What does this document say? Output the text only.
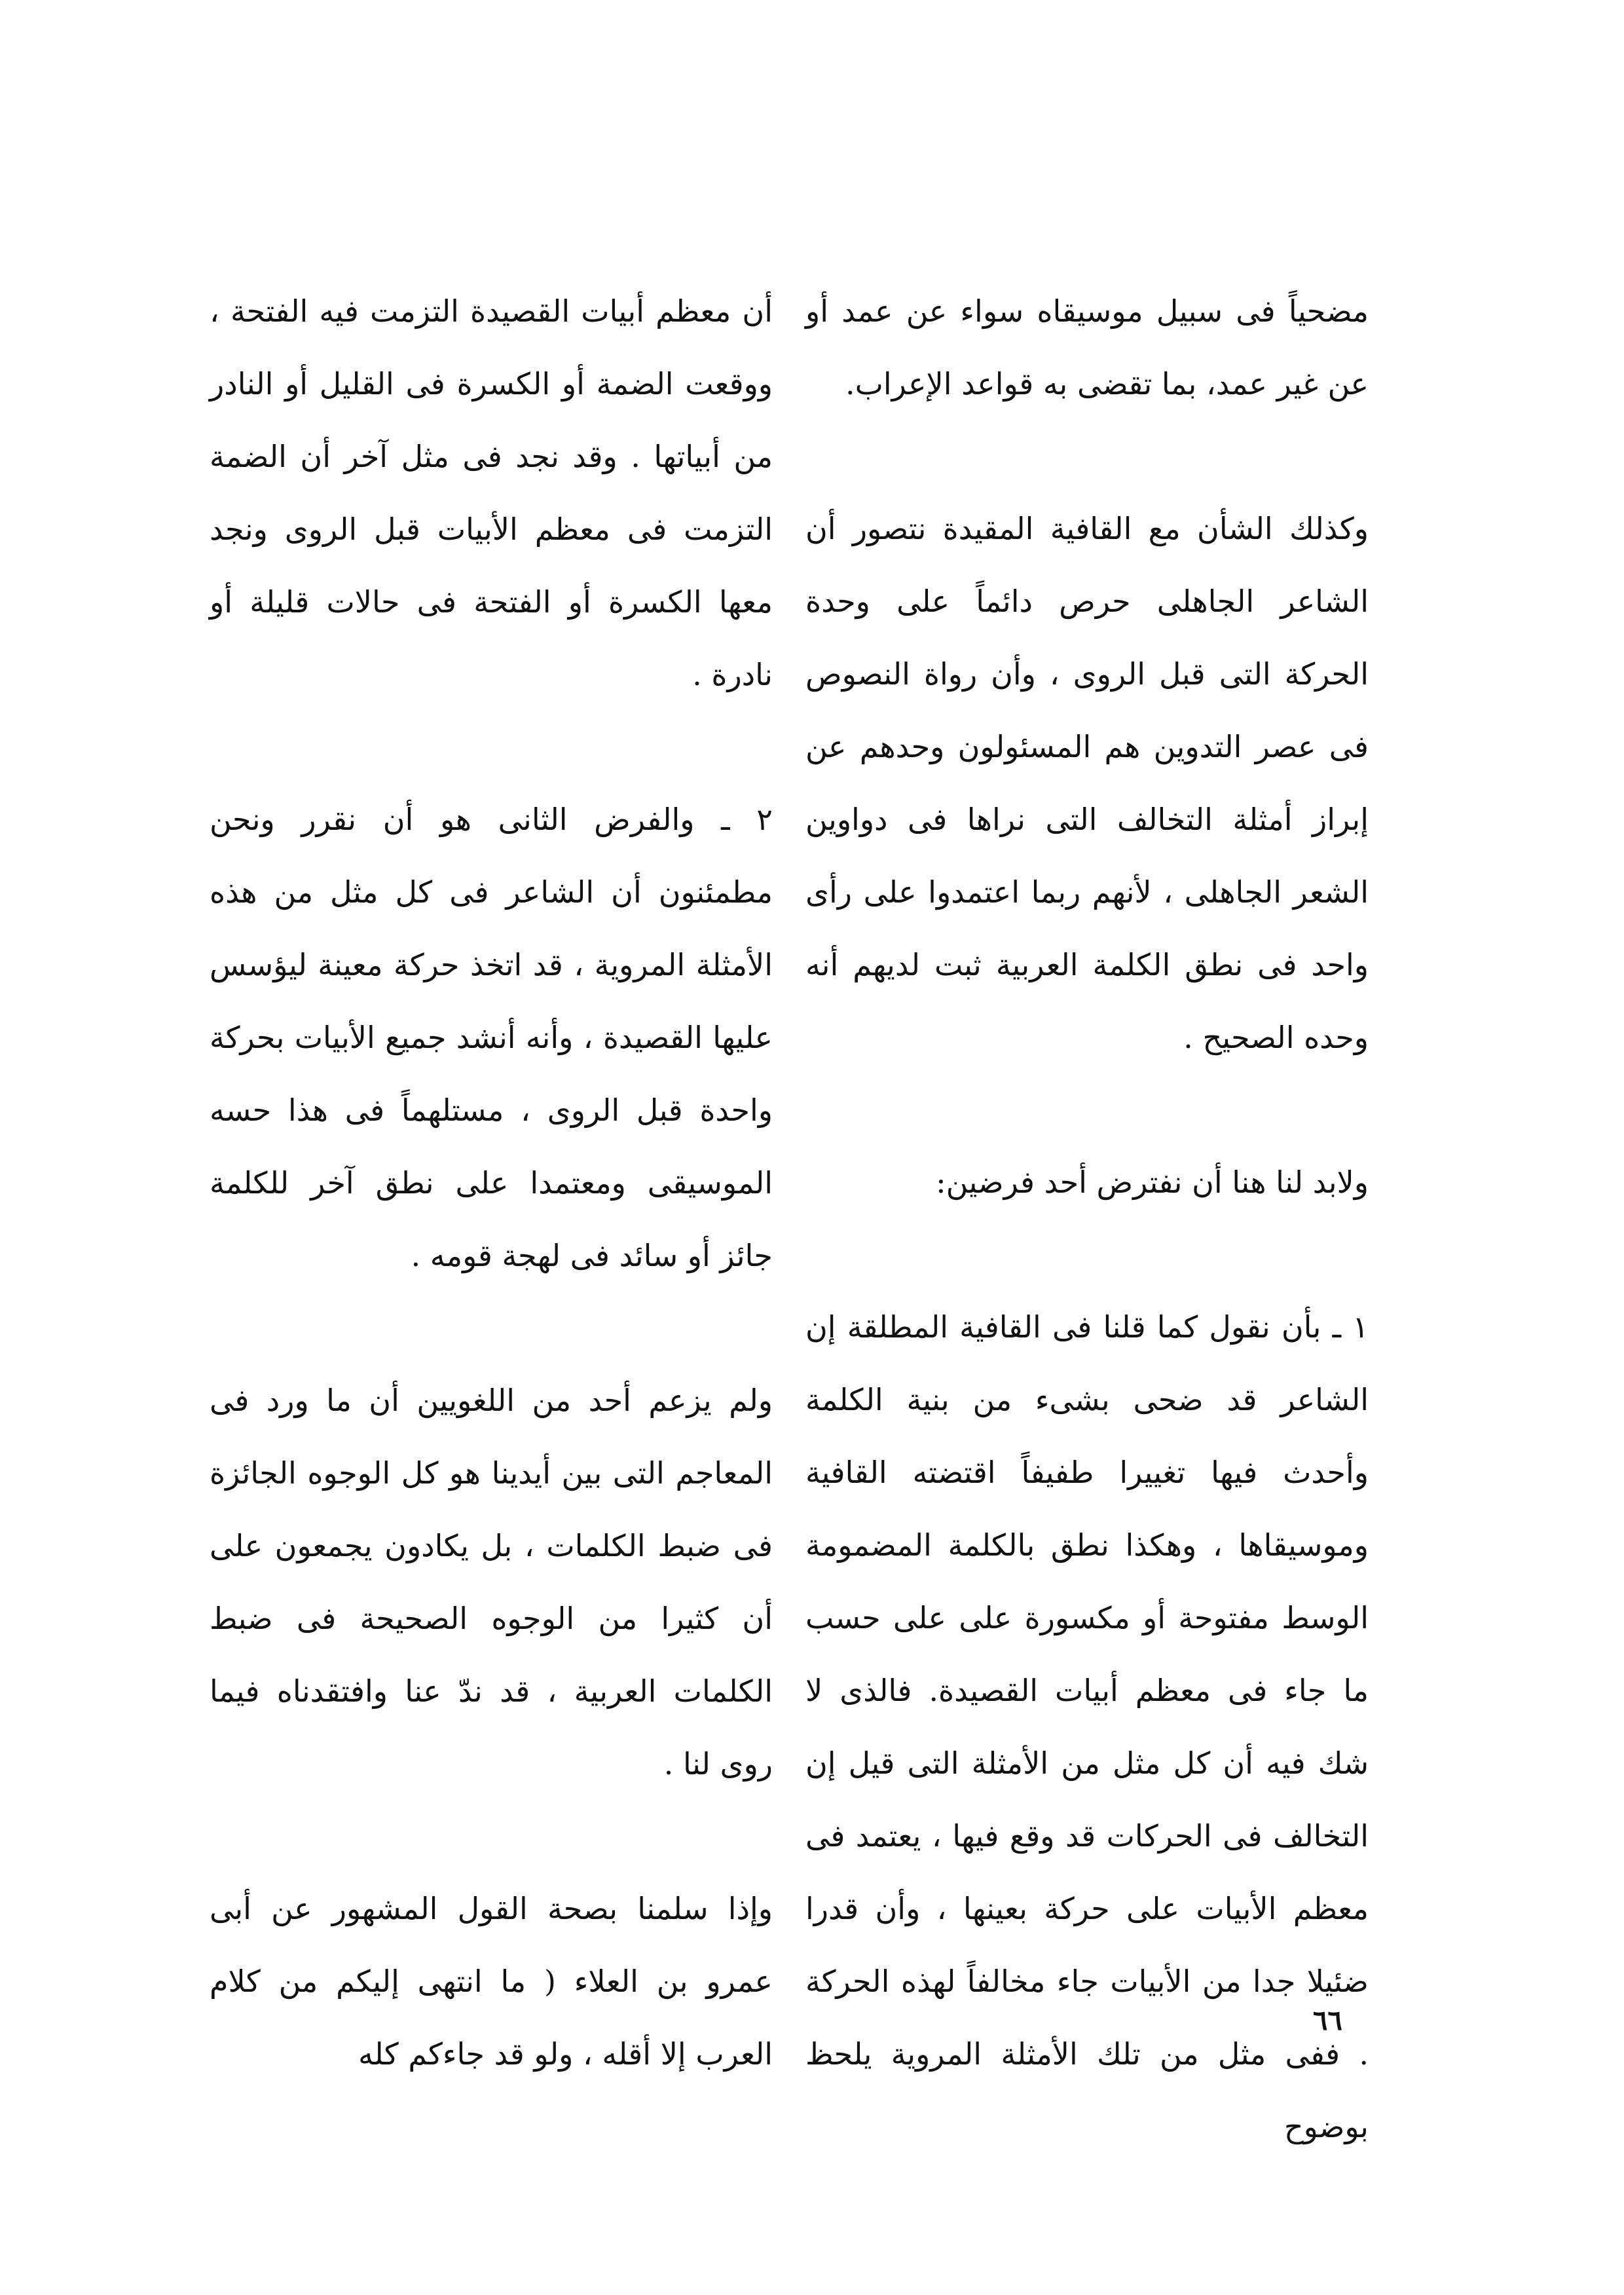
مضحياً فى سبيل موسيقاه سواء عن عمد أو عن غير عمد، بما تقضى به قواعد الإعراب.

وكذلك الشأن مع القافية المقيدة نتصور أن الشاعر الجاهلى حرص دائماً على وحدة الحركة التى قبل الروى ، وأن رواة النصوص فى عصر التدوين هم المسئولون وحدهم عن إبراز أمثلة التخالف التى نراها فى دواوين الشعر الجاهلى ، لأنهم ربما اعتمدوا على رأى واحد فى نطق الكلمة العربية ثبت لديهم أنه وحده الصحيح .

ولابد لنا هنا أن نفترض أحد فرضين:

١ ـ بأن نقول كما قلنا فى القافية المطلقة إن الشاعر قد ضحى بشىء من بنية الكلمة وأحدث فيها تغييرا طفيفاً اقتضته القافية وموسيقاها ، وهكذا نطق بالكلمة المضمومة الوسط مفتوحة أو مكسورة على على حسب ما جاء فى معظم أبيات القصيدة. فالذى لا شك فيه أن كل مثل من الأمثلة التى قيل إن التخالف فى الحركات قد وقع فيها ، يعتمد فى معظم الأبيات على حركة بعينها ، وأن قدرا ضئيلا جدا من الأبيات جاء مخالفاً لهذه الحركة . ففى مثل من تلك الأمثلة المروية يلحظ بوضوح

أن معظم أبيات القصيدة التزمت فيه الفتحة ، ووقعت الضمة أو الكسرة فى القليل أو النادر من أبياتها . وقد نجد فى مثل آخر أن الضمة التزمت فى معظم الأبيات قبل الروى ونجد معها الكسرة أو الفتحة فى حالات قليلة أو نادرة .

٢ ـ والفرض الثانى هو أن نقرر ونحن مطمئنون أن الشاعر فى كل مثل من هذه الأمثلة المروية ، قد اتخذ حركة معينة ليؤسس عليها القصيدة ، وأنه أنشد جميع الأبيات بحركة واحدة قبل الروى ، مستلهماً فى هذا حسه الموسيقى ومعتمدا على نطق آخر للكلمة جائز أو سائد فى لهجة قومه .

ولم يزعم أحد من اللغويين أن ما ورد فى المعاجم التى بين أيدينا هو كل الوجوه الجائزة فى ضبط الكلمات ، بل يكادون يجمعون على أن كثيرا من الوجوه الصحيحة فى ضبط الكلمات العربية ، قد ندّ عنا وافتقدناه فيما روى لنا .

وإذا سلمنا بصحة القول المشهور عن أبى عمرو بن العلاء ( ما انتهى إليكم من كلام العرب إلا أقله ، ولو قد جاءكم كله

٦٦
